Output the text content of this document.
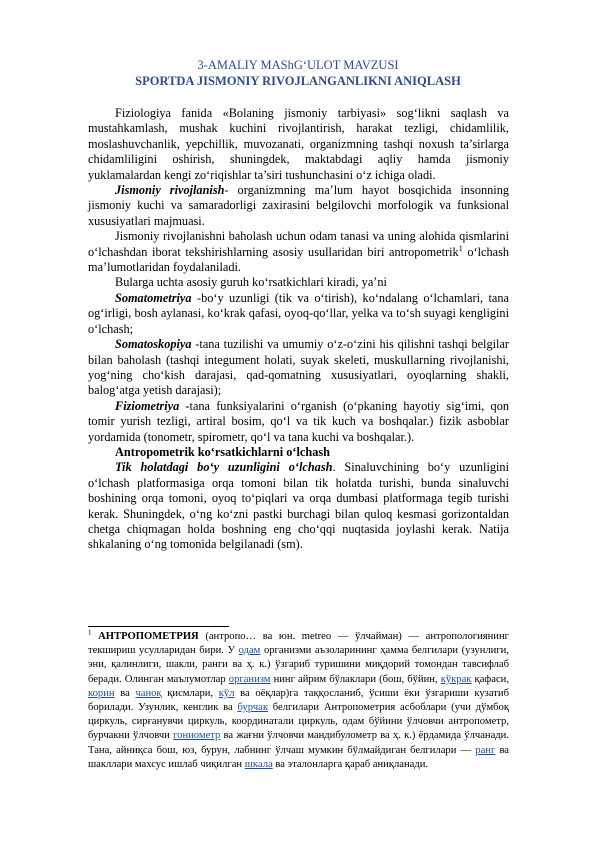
3-AMALIY MAShG‘ULOT MAVZUSI
SPORTDA JISMONIY RIVOJLANGANLIKNI ANIQLASH

Fiziologiya fanida «Bolaning jismoniy tarbiyasi» sog‘likni saqlash va mustahkamlash, mushak kuchini rivojlantirish, harakat tezligi, chidamlilik, moslashuvchanlik, yepchillik, muvozanati, organizmning tashqi noxush ta’sirlarga chidamliligini oshirish, shuningdek, maktabdagi aqliy hamda jismoniy yuklamalardan kengi zo‘riqishlar ta’siri tushunchasini o‘z ichiga oladi.

Jismoniy rivojlanish- organizmning ma’lum hayot bosqichida insonning jismoniy kuchi va samaradorligi zaxirasini belgilovchi morfologik va funksional xususiyatlari majmuasi.

Jismoniy rivojlanishni baholash uchun odam tanasi va uning alohida qismlarini o‘lchashdan iborat tekshirishlarning asosiy usullaridan biri antropometrik$^1$ o‘lchash ma’lumotlaridan foydalaniladi.

Bularga uchta asosiy guruh ko‘rsatkichlari kiradi, ya’ni

Somatometriya -bo‘y uzunligi (tik va o‘tirish), ko‘ndalang o‘lchamlari, tana og‘irligi, bosh aylanasi, ko‘krak qafasi, oyoq-qo‘llar, yelka va to‘sh suyagi kengligini o‘lchash;

Somatoskopiya -tana tuzilishi va umumiy o‘z-o‘zini his qilishni tashqi belgilar bilan baholash (tashqi integument holati, suyak skeleti, muskullarning rivojlanishi, yog‘ning cho‘kish darajasi, qad-qomatning xususiyatlari, oyoqlarning shakli, balog‘atga yetish darajasi);

Fiziometriya -tana funksiyalarini o‘rganish (o‘pkaning hayotiy sig‘imi, qon tomir yurish tezligi, artiral bosim, qo‘l va tik kuch va boshqalar.) fizik asboblar yordamida (tonometr, spirometr, qo‘l va tana kuchi va boshqalar.).

Antropometrik ko‘rsatkichlarni o‘lchash

Tik holatdagi bo‘y uzunligini o‘lchash. Sinaluvchining bo‘y uzunligini o‘lchash platformasiga orqa tomoni bilan tik holatda turishi, bunda sinaluvchi boshining orqa tomoni, oyoq to‘piqlari va orqa dumbasi platformaga tegib turishi kerak. Shuningdek, o‘ng ko‘zni pastki burchagi bilan quloq kesmasi gorizontaldan chetga chiqmagan holda boshning eng cho‘qqi nuqtasida joylashi kerak. Natija shkalaning o‘ng tomonida belgilanadi (sm).

$^1$ АНТРОПОМЕТРИЯ (антропо… ва юн. metreo — ўлчайман) — антропологиянинг текшириш усулларидан бири. У одам организми аъзоларининг ҳамма белгилари (узунлиги, эни, қалинлиги, шакли, ранги ва ҳ. к.) ўзгариб туришини миқдорий томондан тавсифлаб беради. Олинган маълумотлар организм нинг айрим бўлаклари (бош, бўйин, кўкрак қафаси, корин ва чаноқ қисмлари, кўл ва оёқлар)га таққосланиб, ўсиши ёки ўзгариши кузатиб борилади. Узунлик, кенглик ва бурчак белгилари Антропометрия асбоблари (учи дўмбоқ циркуль, сирғанувчи циркуль, координатали циркуль, одам бўйини ўлчовчи антропометр, бурчакни ўлчовчи гониометр ва жағни ўлчовчи мандибулометр ва ҳ. к.) ёрдамида ўлчанади. Тана, айниқса бош, юз, бурун, лабнинг ўлчаш мумкин бўлмайдиган белгилари — ранг ва шакллари махсус ишлаб чиқилган шкала ва эталонларга қараб аниқланади.
